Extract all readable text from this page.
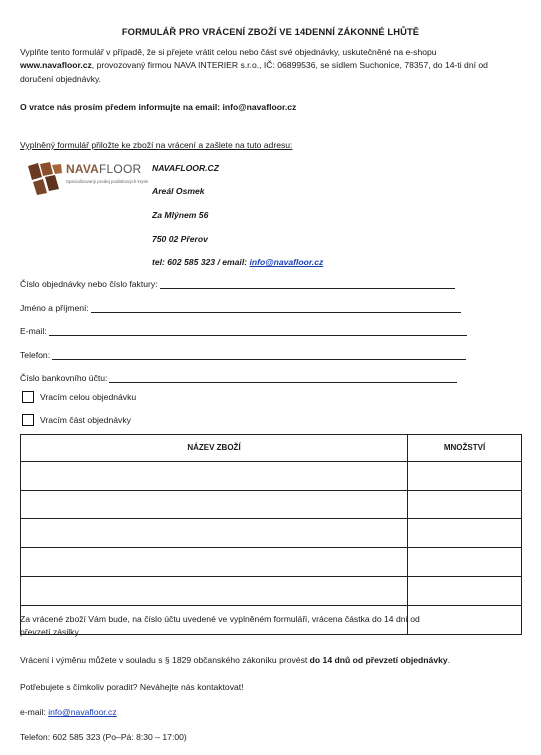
FORMULÁŘ PRO VRÁCENÍ ZBOŽÍ VE 14DENNÍ ZÁKONNÉ LHŮTĚ
Vyplňte tento formulář v případě, že si přejete vrátit celou nebo část své objednávky, uskutečněné na e-shopu
www.navafloor.cz, provozovaný firmou NAVA INTERIER s.r.o., IČ: 06899536, se sídlem Suchonice, 78357, do 14-ti dní od
doručení objednávky.
O vratce nás prosím předem informujte na email: info@navafloor.cz
Vyplněný formulář přiložte ke zboží na vrácení a zašlete na tuto adresu:
NAVAFLOOR
Specializovaný prodej podlahových krytin
NAVAFLOOR.CZ
Areál Osmek
Za Mlýnem 56
750 02 Přerov
tel: 602 585 323 / email: info@navafloor.cz
Číslo objednávky nebo číslo faktury:
Jméno a příjmení:
E-mail:
Telefon:
Číslo bankovního účtu:
Vracím celou objednávku
Vracím část objednávky
NÁZEV ZBOŽÍ	MNOŽSTVÍ

Za vrácené zboží Vám bude, na číslo účtu uvedené ve vyplněném formuláři, vrácena částka do 14 dní od
převzetí zásilky.
Vrácení i výměnu můžete v souladu s § 1829 občanského zákoníku provést do 14 dnů od převzetí objednávky.
Potřebujete s čímkoliv poradit? Neváhejte nás kontaktovat!
e-mail: info@navafloor.cz
Telefon: 602 585 323 (Po–Pá: 8:30 – 17:00)
